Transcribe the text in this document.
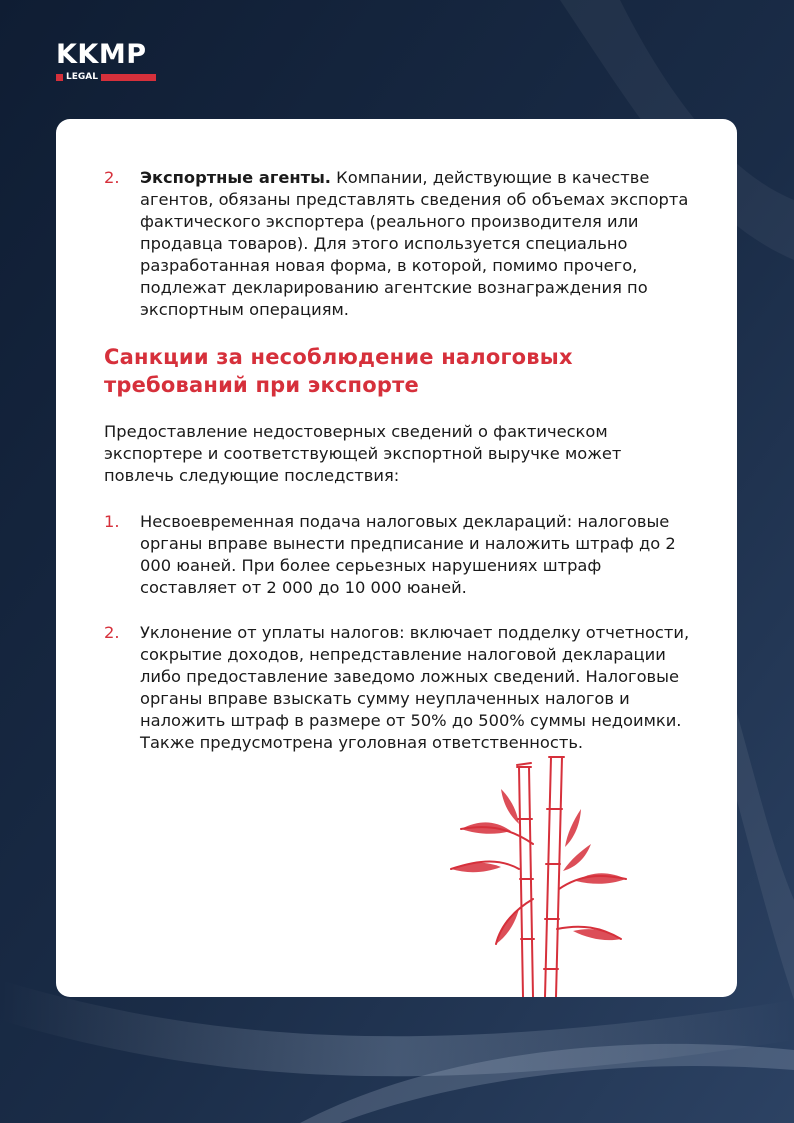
KKMP
LEGAL

2. Экспортные агенты. Компании, действующие в качестве агентов, обязаны представлять сведения об объемах экспорта фактического экспортера (реального производителя или продавца товаров). Для этого используется специально разработанная новая форма, в которой, помимо прочего, подлежат декларированию агентские вознаграждения по экспортным операциям.

Санкции за несоблюдение налоговых требований при экспорте

Предоставление недостоверных сведений о фактическом экспортере и соответствующей экспортной выручке может повлечь следующие последствия:

1. Несвоевременная подача налоговых деклараций: налоговые органы вправе вынести предписание и наложить штраф до 2 000 юаней. При более серьезных нарушениях штраф составляет от 2 000 до 10 000 юаней.

2. Уклонение от уплаты налогов: включает подделку отчетности, сокрытие доходов, непредставление налоговой декларации либо предоставление заведомо ложных сведений. Налоговые органы вправе взыскать сумму неуплаченных налогов и наложить штраф в размере от 50% до 500% суммы недоимки. Также предусмотрена уголовная ответственность.
